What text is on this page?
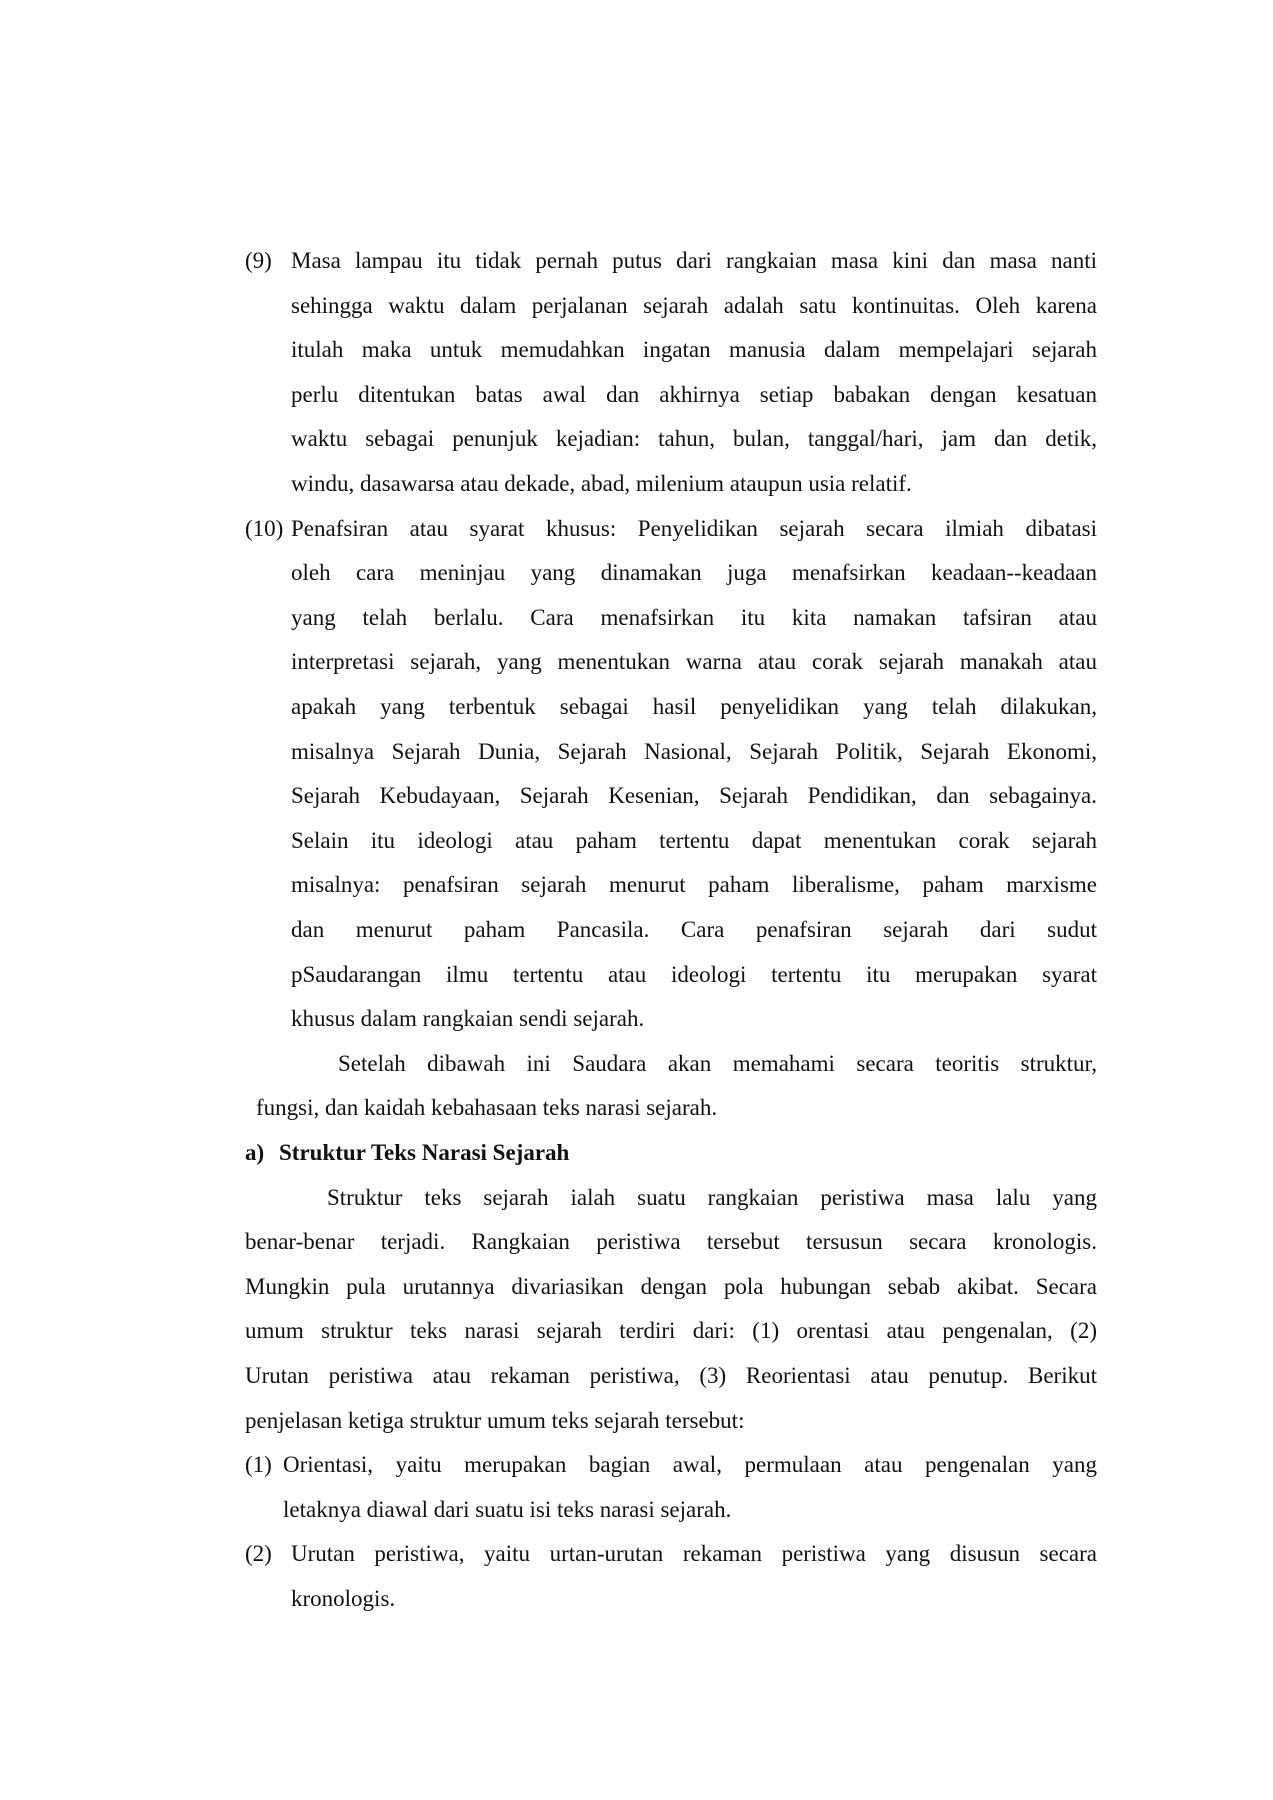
(9) Masa lampau itu tidak pernah putus dari rangkaian masa kini dan masa nanti
sehingga waktu dalam perjalanan sejarah adalah satu kontinuitas. Oleh karena
itulah maka untuk memudahkan ingatan manusia dalam mempelajari sejarah
perlu ditentukan batas awal dan akhirnya setiap babakan dengan kesatuan
waktu sebagai penunjuk kejadian: tahun, bulan, tanggal/hari, jam dan detik,
windu, dasawarsa atau dekade, abad, milenium ataupun usia relatif.
(10) Penafsiran atau syarat khusus: Penyelidikan sejarah secara ilmiah dibatasi
oleh cara meninjau yang dinamakan juga menafsirkan keadaan--keadaan
yang telah berlalu. Cara menafsirkan itu kita namakan tafsiran atau
interpretasi sejarah, yang menentukan warna atau corak sejarah manakah atau
apakah yang terbentuk sebagai hasil penyelidikan yang telah dilakukan,
misalnya Sejarah Dunia, Sejarah Nasional, Sejarah Politik, Sejarah Ekonomi,
Sejarah Kebudayaan, Sejarah Kesenian, Sejarah Pendidikan, dan sebagainya.
Selain itu ideologi atau paham tertentu dapat menentukan corak sejarah
misalnya: penafsiran sejarah menurut paham liberalisme, paham marxisme
dan menurut paham Pancasila. Cara penafsiran sejarah dari sudut
pSaudarangan ilmu tertentu atau ideologi tertentu itu merupakan syarat
khusus dalam rangkaian sendi sejarah.
Setelah dibawah ini Saudara akan memahami secara teoritis struktur,
fungsi, dan kaidah kebahasaan teks narasi sejarah.
a) Struktur Teks Narasi Sejarah
Struktur teks sejarah ialah suatu rangkaian peristiwa masa lalu yang
benar-benar terjadi. Rangkaian peristiwa tersebut tersusun secara kronologis.
Mungkin pula urutannya divariasikan dengan pola hubungan sebab akibat. Secara
umum struktur teks narasi sejarah terdiri dari: (1) orentasi atau pengenalan, (2)
Urutan peristiwa atau rekaman peristiwa, (3) Reorientasi atau penutup. Berikut
penjelasan ketiga struktur umum teks sejarah tersebut:
(1) Orientasi, yaitu merupakan bagian awal, permulaan atau pengenalan yang
letaknya diawal dari suatu isi teks narasi sejarah.
(2) Urutan peristiwa, yaitu urtan-urutan rekaman peristiwa yang disusun secara
kronologis.
